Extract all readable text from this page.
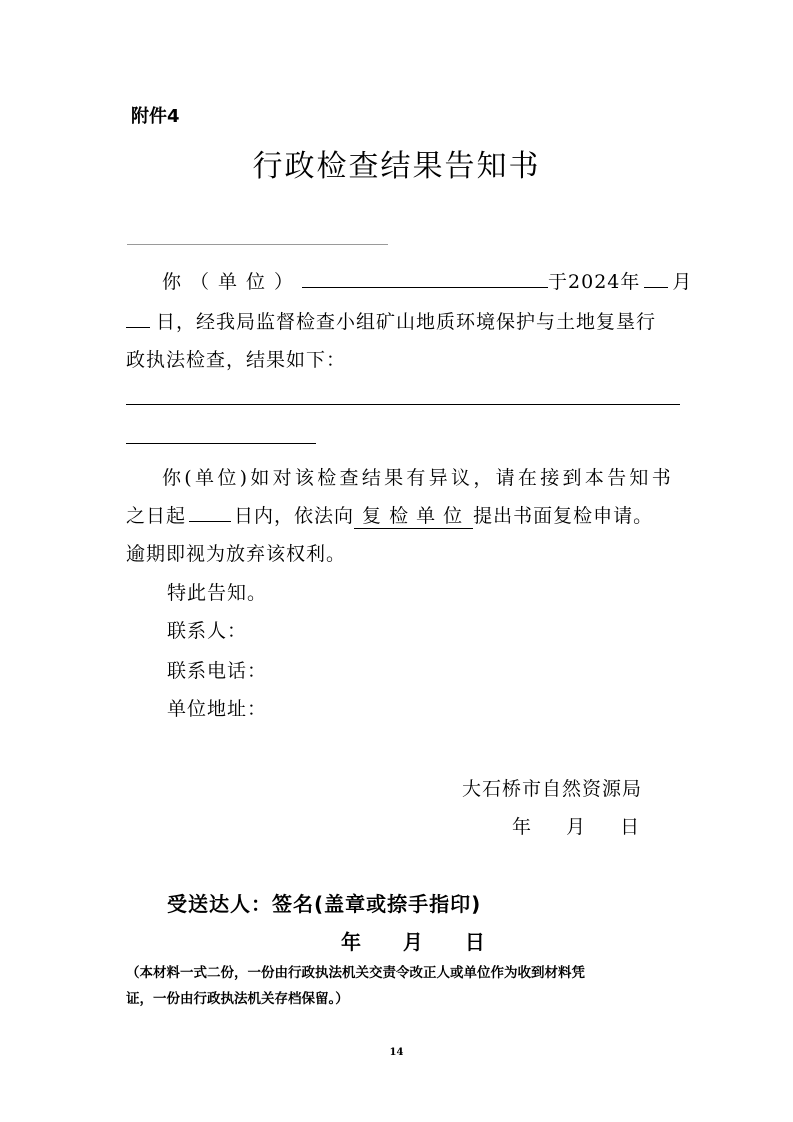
附件4
行政检查结果告知书
你（单位）	于2024年 月
日，经我局监督检查小组矿山地质环境保护与土地复垦行
政执法检查，结果如下：
你(单位)如对该检查结果有异议，请在接到本告知书
之日起	日内，依法向 复 检 单 位 提出书面复检申请。
逾期即视为放弃该权利。
特此告知。
联系人：
联系电话：
单位地址：
大石桥市自然资源局
年  月  日
受送达人：签名(盖章或捺手指印)
年  月  日
（本材料一式二份，一份由行政执法机关交责令改正人或单位作为收到材料凭
证，一份由行政执法机关存档保留。）
14
